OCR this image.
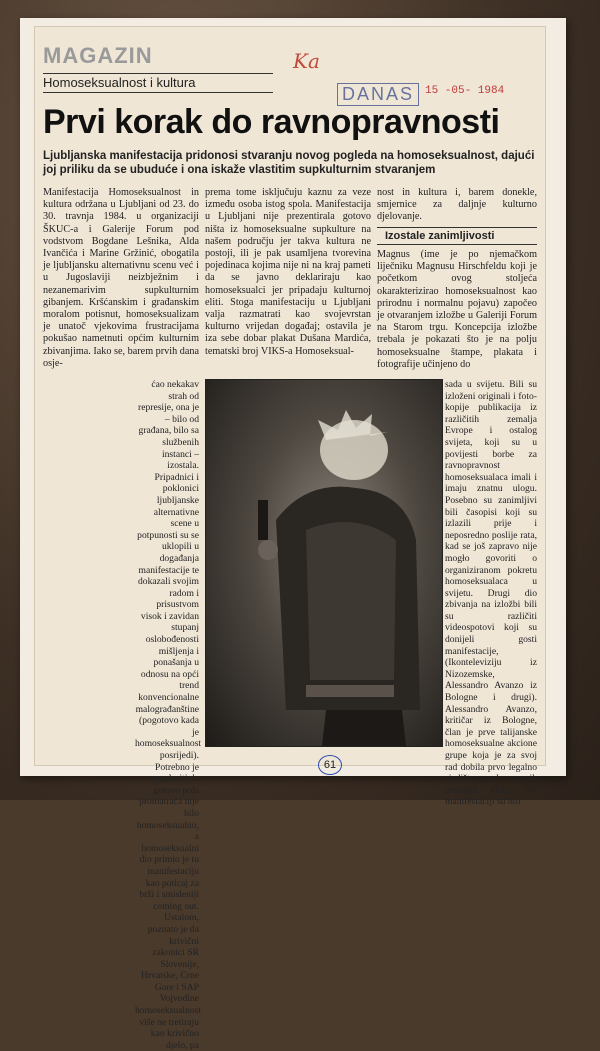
MAGAZIN	Ka
Homoseksualnost i kultura
DANAS 15 -05- 1984
Prvi korak do ravnopravnosti
Ljubljanska manifestacija pridonosi stvaranju novog pogleda na homoseksualnost, dajući joj priliku da se ubuduće i ona iskaže vlastitim supkulturnim stvaranjem
Manifestacija Homoseksualnost in kultura održana u Ljubljani od 23. do 30. travnja 1984. u organizaciji ŠKUC-a i Galerije Forum pod vodstvom Bogdane Lešnika, Alda Ivančića i Marine Gržinić, obogatila je ljubljansku alternativnu scenu već i u Jugoslaviji neizbježnim i nezanemarivim supkulturnim gibanjem. Kršćanskim i građanskim moralom potisnut, homoseksualizam je unatoč vjekovima frustracijama pokušao nametnuti općim kulturnim zbivanjima. Iako se, barem prvih dana osje-
ćao nekakav strah od represije, ona je – bilo od građana, bilo sa službenih instanci – izostala. Pripadnici i poklonici ljubljanske alternativne scene u potpunosti su se uklopili u događanja manifestacije te dokazali svojim radom i prisustvom visok i zavidan stupanj oslobođenosti mišljenja i ponašanja u odnosu na opći trend konvencionalne malograđanštine (pogotovo kada je homoseksualnost posrijedi). Potrebno je naglasiti da gotovo pola promatrača nije bilo homoseksualno, a homoseksualni dio primio je tu manifestaciju kao poticaj za brži i smisleniji coming out. Ustalom, poznato je da krivični zakonici SR Slovenije, Hrvatske, Crne Gore i SAP Vojvodine homoseksualnost više ne tretiraju kao krivično djelo, pa
prema tome isključuju kaznu za veze između osoba istog spola. Manifestacija u Ljubljani nije prezentirala gotovo ništa iz homoseksualne supkulture na našem području jer takva kultura ne postoji, ili je pak usamljena tvorevina pojedinaca kojima nije ni na kraj pameti da se javno deklariraju kao homoseksualci jer pripadaju kulturnoj eliti. Stoga manifestaciju u Ljubljani valja razmatrati kao svojevrstan kulturno vrijedan događaj; ostavila je iza sebe dobar plakat Dušana Mardića, tematski broj VIKS-a Homoseksual-
nost in kultura i, barem donekle, smjernice za daljnje kulturno djelovanje.
Izostale zanimljivosti
Magnus (ime je po njemačkom liječniku Magnusu Hirschfeldu koji je početkom ovog stoljeća okarakterizirao homoseksualnost kao prirodnu i normalnu pojavu) započeo je otvaranjem izložbe u Galeriji Forum na Starom trgu. Koncepcija izložbe trebala je pokazati što je na polju homoseksualne štampe, plakata i fotografije učinjeno do
sada u svijetu. Bili su izloženi originali i foto-kopije publikacija iz različitih zemalja Evrope i ostalog svijeta, koji su u povijesti borbe za ravnopravnost homoseksualaca imali i imaju znatnu ulogu. Posebno su zanimljivi bili časopisi koji su izlazili prije i neposredno poslije rata, kad se još zapravo nije mogło govoriti o organiziranom pokretu homoseksualaca u svijetu. Drugi dio zbivanja na izložbi bili su različiti videospotovi koji su donijeli gosti manifestacije, (Ikonteleviziju iz Nizozemske, Alessandro Avanzo iz Bologne i drugi). Alessandro Avanzo, kritičar iz Bologne, član je prve talijanske homoseksualne akcione grupe koja je za svoj rad dobila prvo legalno sjedište od samih gradskih vlasti. Na manifestaciji su bili
61
